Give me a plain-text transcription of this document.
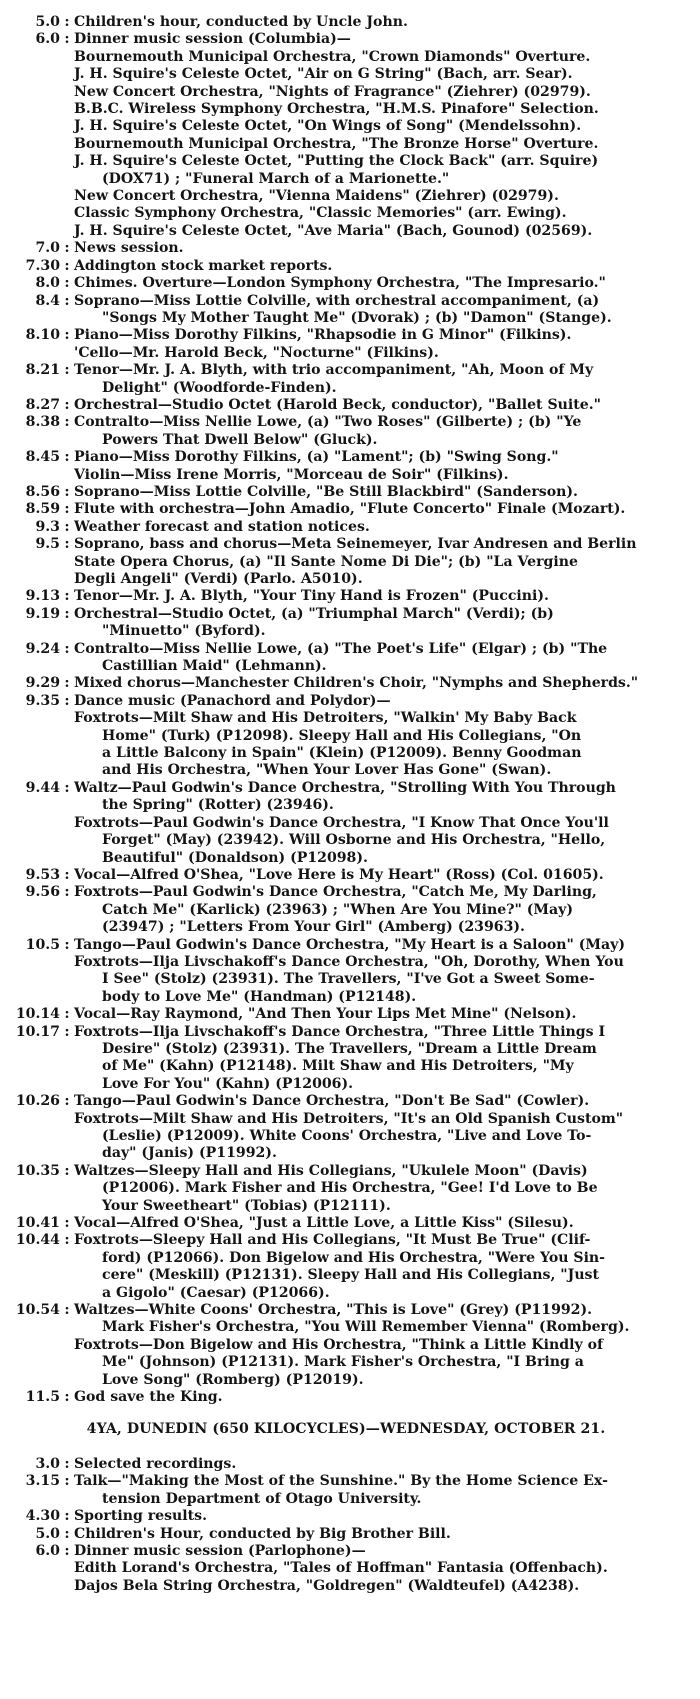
5.0 : Children's hour, conducted by Uncle John.
6.0 : Dinner music session (Columbia)—
Bournemouth Municipal Orchestra, "Crown Diamonds" Overture.
J. H. Squire's Celeste Octet, "Air on G String" (Bach, arr. Sear).
New Concert Orchestra, "Nights of Fragrance" (Ziehrer) (02979).
B.B.C. Wireless Symphony Orchestra, "H.M.S. Pinafore" Selection.
J. H. Squire's Celeste Octet, "On Wings of Song" (Mendelssohn).
Bournemouth Municipal Orchestra, "The Bronze Horse" Overture.
J. H. Squire's Celeste Octet, "Putting the Clock Back" (arr. Squire)
(DOX71) ; "Funeral March of a Marionette."
New Concert Orchestra, "Vienna Maidens" (Ziehrer) (02979).
Classic Symphony Orchestra, "Classic Memories" (arr. Ewing).
J. H. Squire's Celeste Octet, "Ave Maria" (Bach, Gounod) (02569).
7.0 : News session.
7.30 : Addington stock market reports.
8.0 : Chimes. Overture—London Symphony Orchestra, "The Impresario."
8.4 : Soprano—Miss Lottie Colville, with orchestral accompaniment, (a)
"Songs My Mother Taught Me" (Dvorak) ; (b) "Damon" (Stange).
8.10 : Piano—Miss Dorothy Filkins, "Rhapsodie in G Minor" (Filkins).
'Cello—Mr. Harold Beck, "Nocturne" (Filkins).
8.21 : Tenor—Mr. J. A. Blyth, with trio accompaniment, "Ah, Moon of My
Delight" (Woodforde-Finden).
8.27 : Orchestral—Studio Octet (Harold Beck, conductor), "Ballet Suite."
8.38 : Contralto—Miss Nellie Lowe, (a) "Two Roses" (Gilberte) ; (b) "Ye
Powers That Dwell Below" (Gluck).
8.45 : Piano—Miss Dorothy Filkins, (a) "Lament"; (b) "Swing Song."
Violin—Miss Irene Morris, "Morceau de Soir" (Filkins).
8.56 : Soprano—Miss Lottie Colville, "Be Still Blackbird" (Sanderson).
8.59 : Flute with orchestra—John Amadio, "Flute Concerto" Finale (Mozart).
9.3 : Weather forecast and station notices.
9.5 : Soprano, bass and chorus—Meta Seinemeyer, Ivar Andresen and Berlin
State Opera Chorus, (a) "Il Sante Nome Di Die"; (b) "La Vergine
Degli Angeli" (Verdi) (Parlo. A5010).
9.13 : Tenor—Mr. J. A. Blyth, "Your Tiny Hand is Frozen" (Puccini).
9.19 : Orchestral—Studio Octet, (a) "Triumphal March" (Verdi); (b)
"Minuetto" (Byford).
9.24 : Contralto—Miss Nellie Lowe, (a) "The Poet's Life" (Elgar) ; (b) "The
Castillian Maid" (Lehmann).
9.29 : Mixed chorus—Manchester Children's Choir, "Nymphs and Shepherds."
9.35 : Dance music (Panachord and Polydor)—
Foxtrots—Milt Shaw and His Detroiters, "Walkin' My Baby Back
Home" (Turk) (P12098). Sleepy Hall and His Collegians, "On
a Little Balcony in Spain" (Klein) (P12009). Benny Goodman
and His Orchestra, "When Your Lover Has Gone" (Swan).
9.44 : Waltz—Paul Godwin's Dance Orchestra, "Strolling With You Through
the Spring" (Rotter) (23946).
Foxtrots—Paul Godwin's Dance Orchestra, "I Know That Once You'll
Forget" (May) (23942). Will Osborne and His Orchestra, "Hello,
Beautiful" (Donaldson) (P12098).
9.53 : Vocal—Alfred O'Shea, "Love Here is My Heart" (Ross) (Col. 01605).
9.56 : Foxtrots—Paul Godwin's Dance Orchestra, "Catch Me, My Darling,
Catch Me" (Karlick) (23963) ; "When Are You Mine?" (May)
(23947) ; "Letters From Your Girl" (Amberg) (23963).
10.5 : Tango—Paul Godwin's Dance Orchestra, "My Heart is a Saloon" (May)
Foxtrots—Ilja Livschakoff's Dance Orchestra, "Oh, Dorothy, When You
I See" (Stolz) (23931). The Travellers, "I've Got a Sweet Some-
body to Love Me" (Handman) (P12148).
10.14 : Vocal—Ray Raymond, "And Then Your Lips Met Mine" (Nelson).
10.17 : Foxtrots—Ilja Livschakoff's Dance Orchestra, "Three Little Things I
Desire" (Stolz) (23931). The Travellers, "Dream a Little Dream
of Me" (Kahn) (P12148). Milt Shaw and His Detroiters, "My
Love For You" (Kahn) (P12006).
10.26 : Tango—Paul Godwin's Dance Orchestra, "Don't Be Sad" (Cowler).
Foxtrots—Milt Shaw and His Detroiters, "It's an Old Spanish Custom"
(Leslie) (P12009). White Coons' Orchestra, "Live and Love To-
day" (Janis) (P11992).
10.35 : Waltzes—Sleepy Hall and His Collegians, "Ukulele Moon" (Davis)
(P12006). Mark Fisher and His Orchestra, "Gee! I'd Love to Be
Your Sweetheart" (Tobias) (P12111).
10.41 : Vocal—Alfred O'Shea, "Just a Little Love, a Little Kiss" (Silesu).
10.44 : Foxtrots—Sleepy Hall and His Collegians, "It Must Be True" (Clif-
ford) (P12066). Don Bigelow and His Orchestra, "Were You Sin-
cere" (Meskill) (P12131). Sleepy Hall and His Collegians, "Just
a Gigolo" (Caesar) (P12066).
10.54 : Waltzes—White Coons' Orchestra, "This is Love" (Grey) (P11992).
Mark Fisher's Orchestra, "You Will Remember Vienna" (Romberg).
Foxtrots—Don Bigelow and His Orchestra, "Think a Little Kindly of
Me" (Johnson) (P12131). Mark Fisher's Orchestra, "I Bring a
Love Song" (Romberg) (P12019).
11.5 : God save the King.
4YA, DUNEDIN (650 KILOCYCLES)—WEDNESDAY, OCTOBER 21.
3.0 : Selected recordings.
3.15 : Talk—"Making the Most of the Sunshine." By the Home Science Ex-
tension Department of Otago University.
4.30 : Sporting results.
5.0 : Children's Hour, conducted by Big Brother Bill.
6.0 : Dinner music session (Parlophone)—
Edith Lorand's Orchestra, "Tales of Hoffman" Fantasia (Offenbach).
Dajos Bela String Orchestra, "Goldregen" (Waldteufel) (A4238).
